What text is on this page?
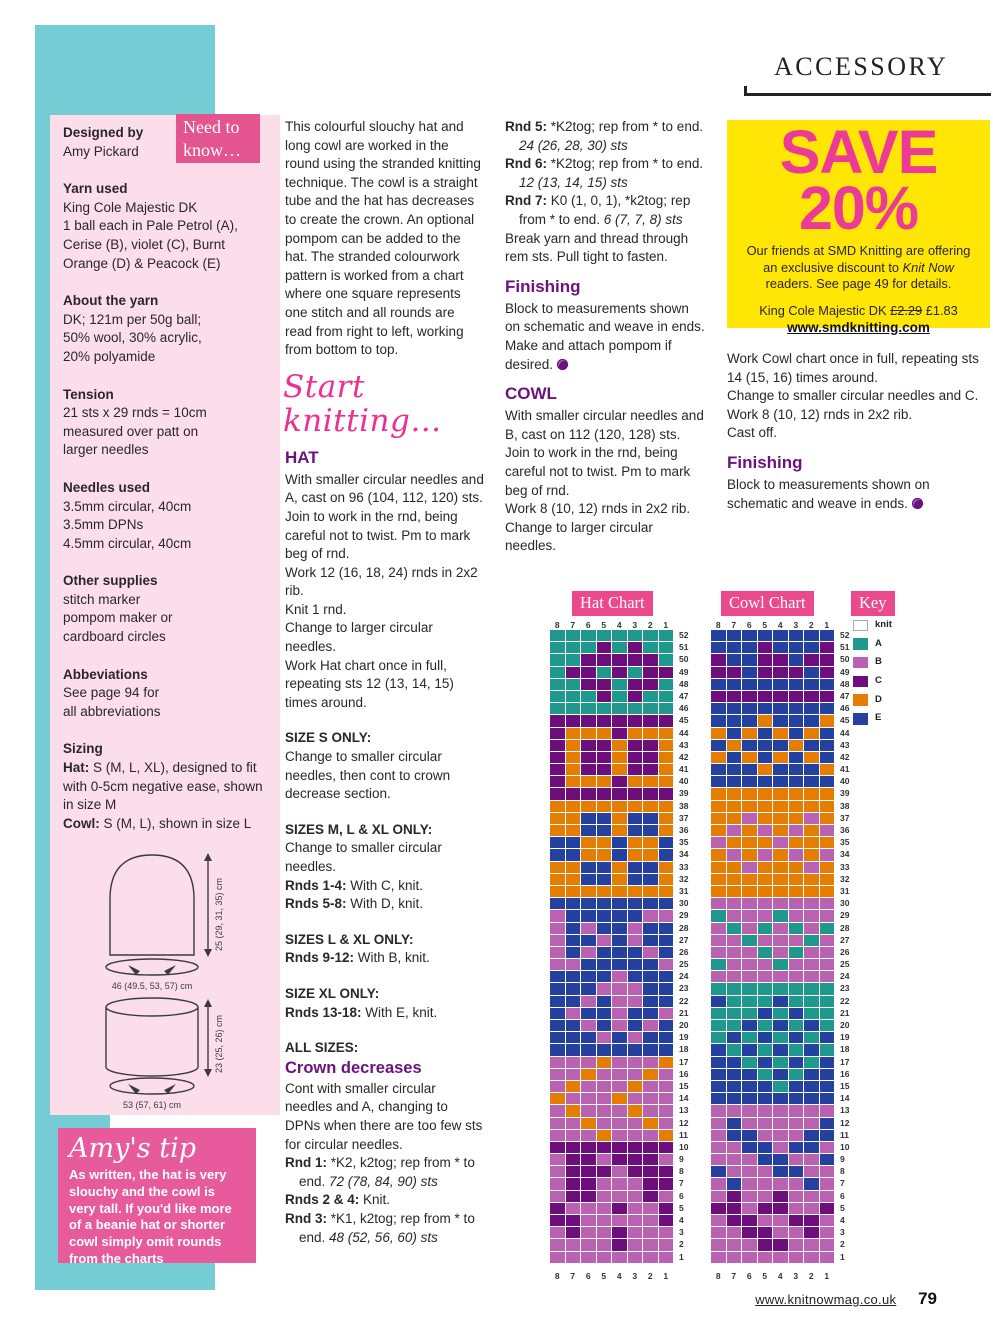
ACCESSORY
Designed by
Amy Pickard
Yarn used
King Cole Majestic DK
1 ball each in Pale Petrol (A),
Cerise (B), violet (C), Burnt
Orange (D) & Peacock (E)
About the yarn
DK; 121m per 50g ball;
50% wool, 30% acrylic,
20% polyamide
Tension
21 sts x 29 rnds = 10cm
measured over patt on
larger needles
Needles used
3.5mm circular, 40cm
3.5mm DPNs
4.5mm circular, 40cm
Other supplies
stitch marker
pompom maker or
cardboard circles
Abbeviations
See page 94 for
all abbreviations
Sizing
Hat: S (M, L, XL), designed to fit with 0-5cm negative ease, shown in size M
Cowl: S (M, L), shown in size L
Need to know…
25 (29, 31, 35) cm
46 (49.5, 53, 57) cm
23 (25, 26) cm
53 (57, 61) cm
Amy's tip
As written, the hat is very slouchy and the cowl is very tall. If you'd like more of a beanie hat or shorter cowl simply omit rounds from the charts
This colourful slouchy hat and long cowl are worked in the round using the stranded knitting technique. The cowl is a straight tube and the hat has decreases to create the crown. An optional pompom can be added to the hat. The stranded colourwork pattern is worked from a chart where one square represents one stitch and all rounds are read from right to left, working from bottom to top.
Start knitting…
HAT
With smaller circular needles and A, cast on 96 (104, 112, 120) sts. Join to work in the rnd, being careful not to twist. Pm to mark beg of rnd.
Work 12 (16, 18, 24) rnds in 2x2 rib.
Knit 1 rnd.
Change to larger circular needles.
Work Hat chart once in full, repeating sts 12 (13, 14, 15) times around.
SIZE S ONLY:
Change to smaller circular needles, then cont to crown decrease section.
SIZES M, L & XL ONLY:
Change to smaller circular needles.
Rnds 1-4: With C, knit.
Rnds 5-8: With D, knit.
SIZES L & XL ONLY:
Rnds 9-12: With B, knit.
SIZE XL ONLY:
Rnds 13-18: With E, knit.
ALL SIZES:
Crown decreases
Cont with smaller circular needles and A, changing to DPNs when there are too few sts for circular needles.
Rnd 1: *K2, k2tog; rep from * to end. 72 (78, 84, 90) sts
Rnds 2 & 4: Knit.
Rnd 3: *K1, k2tog; rep from * to end. 48 (52, 56, 60) sts
Rnd 5: *K2tog; rep from * to end. 24 (26, 28, 30) sts
Rnd 6: *K2tog; rep from * to end. 12 (13, 14, 15) sts
Rnd 7: K0 (1, 0, 1), *k2tog; rep from * to end. 6 (7, 7, 8) sts
Break yarn and thread through rem sts. Pull tight to fasten.
Finishing
Block to measurements shown on schematic and weave in ends. Make and attach pompom if desired.
COWL
With smaller circular needles and B, cast on 112 (120, 128) sts. Join to work in the rnd, being careful not to twist. Pm to mark beg of rnd.
Work 8 (10, 12) rnds in 2x2 rib.
Change to larger circular needles.
SAVE
20%
Our friends at SMD Knitting are offering an exclusive discount to Knit Now readers. See page 49 for details.
King Cole Majestic DK £2.29 £1.83
www.smdknitting.com
Work Cowl chart once in full, repeating sts 14 (15, 16) times around.
Change to smaller circular needles and C.
Work 8 (10, 12) rnds in 2x2 rib.
Cast off.
Finishing
Block to measurements shown on schematic and weave in ends.
Hat Chart	Cowl Chart	Key
8	7	6	5	4	3	2	1
52
51
50
49
48
47
46
45
44
43
42
41
40
39
38
37
36
35
34
33
32
31
30
29
28
27
26
25
24
23
22
21
20
19
18
17
16
15
14
13
12
11
10
9
8
7
6
5
4
3
2
1
8	7	6	5	4	3	2	1
8	7	6	5	4	3	2	1
52
51
50
49
48
47
46
45
44
43
42
41
40
39
38
37
36
35
34
33
32
31
30
29
28
27
26
25
24
23
22
21
20
19
18
17
16
15
14
13
12
11
10
9
8
7
6
5
4
3
2
1
8	7	6	5	4	3	2	1
knit
A
B
C
D
E
www.knitnowmag.co.uk 79
